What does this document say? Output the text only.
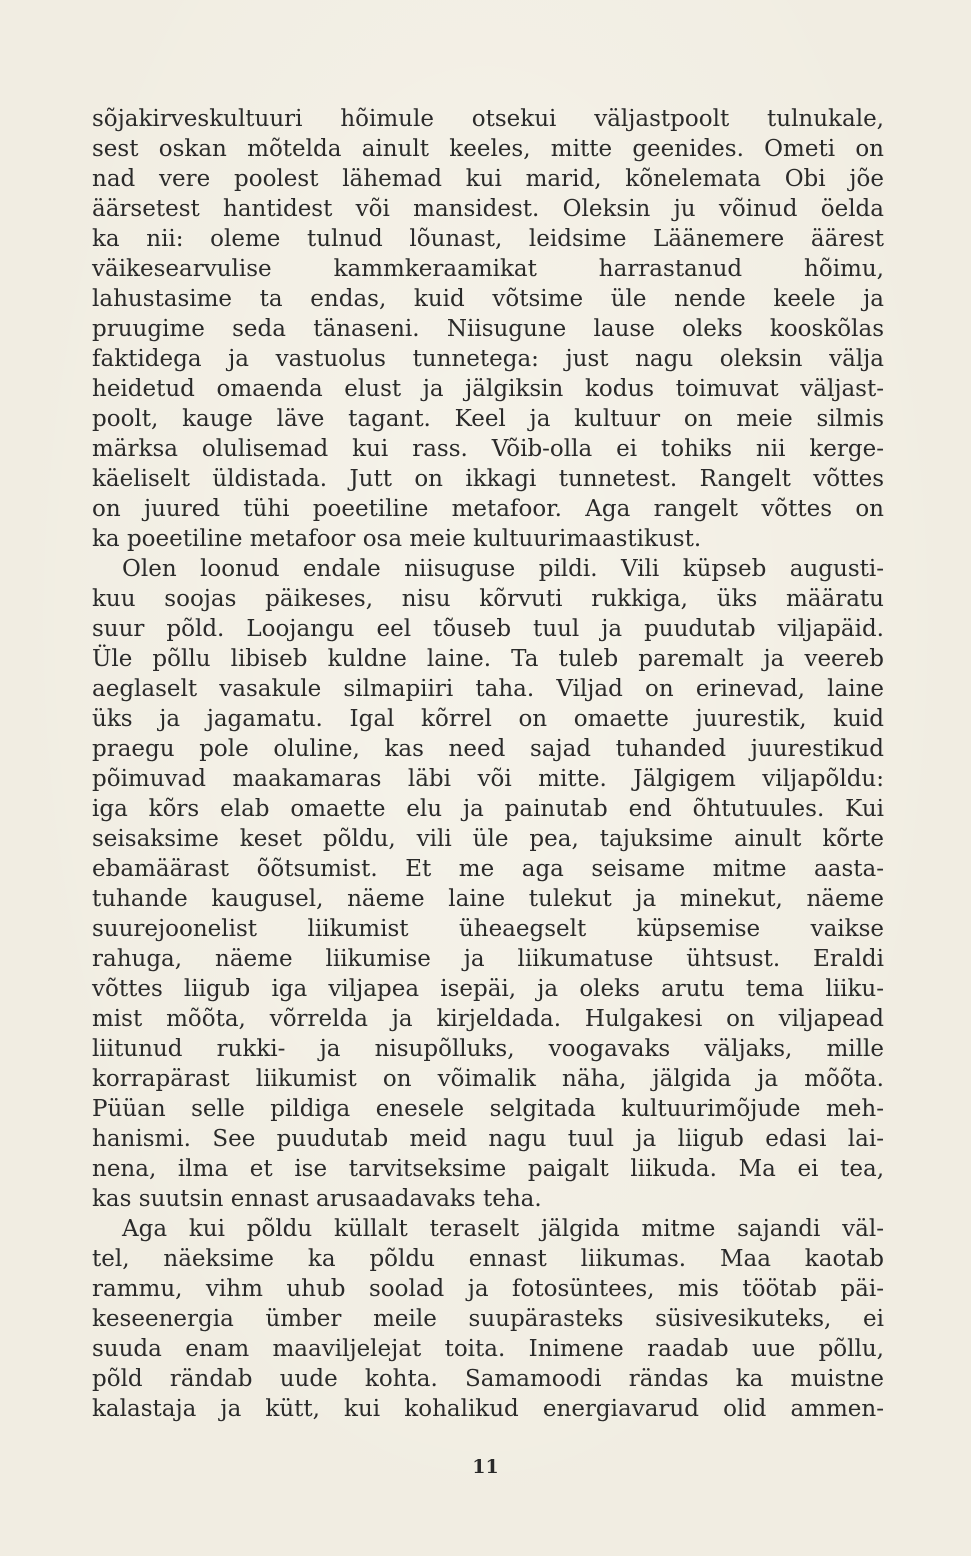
sõjakirveskultuuri hõimule otsekui väljastpoolt tulnukale,
sest oskan mõtelda ainult keeles, mitte geenides. Ometi on
nad vere poolest lähemad kui marid, kõnelemata Obi jõe
äärsetest hantidest või mansidest. Oleksin ju võinud öelda
ka nii: oleme tulnud lõunast, leidsime Läänemere äärest
väikesearvulise kammkeraamikat harrastanud hõimu,
lahustasime ta endas, kuid võtsime üle nende keele ja
pruugime seda tänaseni. Niisugune lause oleks kooskõlas
faktidega ja vastuolus tunnetega: just nagu oleksin välja
heidetud omaenda elust ja jälgiksin kodus toimuvat väljast-
poolt, kauge läve tagant. Keel ja kultuur on meie silmis
märksa olulisemad kui rass. Võib-olla ei tohiks nii kerge-
käeliselt üldistada. Jutt on ikkagi tunnetest. Rangelt võttes
on juured tühi poeetiline metafoor. Aga rangelt võttes on
ka poeetiline metafoor osa meie kultuurimaastikust.
Olen loonud endale niisuguse pildi. Vili küpseb augusti-
kuu soojas päikeses, nisu kõrvuti rukkiga, üks määratu
suur põld. Loojangu eel tõuseb tuul ja puudutab viljapäid.
Üle põllu libiseb kuldne laine. Ta tuleb paremalt ja veereb
aeglaselt vasakule silmapiiri taha. Viljad on erinevad, laine
üks ja jagamatu. Igal kõrrel on omaette juurestik, kuid
praegu pole oluline, kas need sajad tuhanded juurestikud
põimuvad maakamaras läbi või mitte. Jälgigem viljapõldu:
iga kõrs elab omaette elu ja painutab end õhtutuules. Kui
seisaksime keset põldu, vili üle pea, tajuksime ainult kõrte
ebamäärast õõtsumist. Et me aga seisame mitme aasta-
tuhande kaugusel, näeme laine tulekut ja minekut, näeme
suurejoonelist liikumist üheaegselt küpsemise vaikse
rahuga, näeme liikumise ja liikumatuse ühtsust. Eraldi
võttes liigub iga viljapea isepäi, ja oleks arutu tema liiku-
mist mõõta, võrrelda ja kirjeldada. Hulgakesi on viljapead
liitunud rukki- ja nisupõlluks, voogavaks väljaks, mille
korrapärast liikumist on võimalik näha, jälgida ja mõõta.
Püüan selle pildiga enesele selgitada kultuurimõjude meh-
hanismi. See puudutab meid nagu tuul ja liigub edasi lai-
nena, ilma et ise tarvitseksime paigalt liikuda. Ma ei tea,
kas suutsin ennast arusaadavaks teha.
Aga kui põldu küllalt teraselt jälgida mitme sajandi väl-
tel, näeksime ka põldu ennast liikumas. Maa kaotab
rammu, vihm uhub soolad ja fotosüntees, mis töötab päi-
keseenergia ümber meile suupärasteks süsivesikuteks, ei
suuda enam maaviljelejat toita. Inimene raadab uue põllu,
põld rändab uude kohta. Samamoodi rändas ka muistne
kalastaja ja kütt, kui kohalikud energiavarud olid ammen-
11
